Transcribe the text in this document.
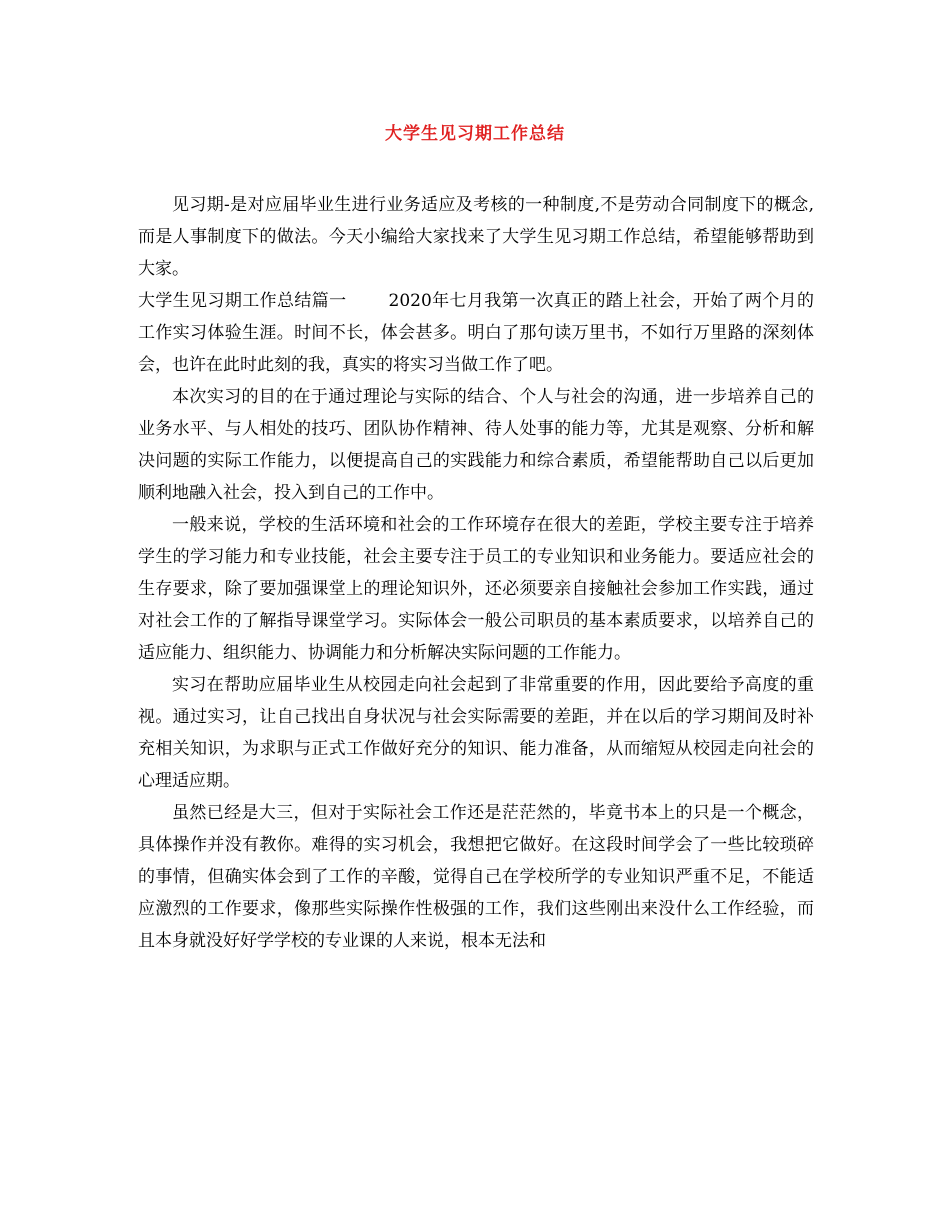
大学生见习期工作总结

见习期-是对应届毕业生进行业务适应及考核的一种制度,不是劳动合同制度下的概念,而是人事制度下的做法。今天小编给大家找来了大学生见习期工作总结，希望能够帮助到大家。

大学生见习期工作总结篇一 2020年七月我第一次真正的踏上社会，开始了两个月的工作实习体验生涯。时间不长，体会甚多。明白了那句读万里书，不如行万里路的深刻体会，也许在此时此刻的我，真实的将实习当做工作了吧。

本次实习的目的在于通过理论与实际的结合、个人与社会的沟通，进一步培养自己的业务水平、与人相处的技巧、团队协作精神、待人处事的能力等，尤其是观察、分析和解决问题的实际工作能力，以便提高自己的实践能力和综合素质，希望能帮助自己以后更加顺利地融入社会，投入到自己的工作中。

一般来说，学校的生活环境和社会的工作环境存在很大的差距，学校主要专注于培养学生的学习能力和专业技能，社会主要专注于员工的专业知识和业务能力。要适应社会的生存要求，除了要加强课堂上的理论知识外，还必须要亲自接触社会参加工作实践，通过对社会工作的了解指导课堂学习。实际体会一般公司职员的基本素质要求，以培养自己的适应能力、组织能力、协调能力和分析解决实际问题的工作能力。

实习在帮助应届毕业生从校园走向社会起到了非常重要的作用，因此要给予高度的重视。通过实习，让自己找出自身状况与社会实际需要的差距，并在以后的学习期间及时补充相关知识，为求职与正式工作做好充分的知识、能力准备，从而缩短从校园走向社会的心理适应期。

虽然已经是大三，但对于实际社会工作还是茫茫然的，毕竟书本上的只是一个概念，具体操作并没有教你。难得的实习机会，我想把它做好。在这段时间学会了一些比较琐碎的事情，但确实体会到了工作的辛酸，觉得自己在学校所学的专业知识严重不足，不能适应激烈的工作要求，像那些实际操作性极强的工作，我们这些刚出来没什么工作经验，而且本身就没好好学学校的专业课的人来说，根本无法和
